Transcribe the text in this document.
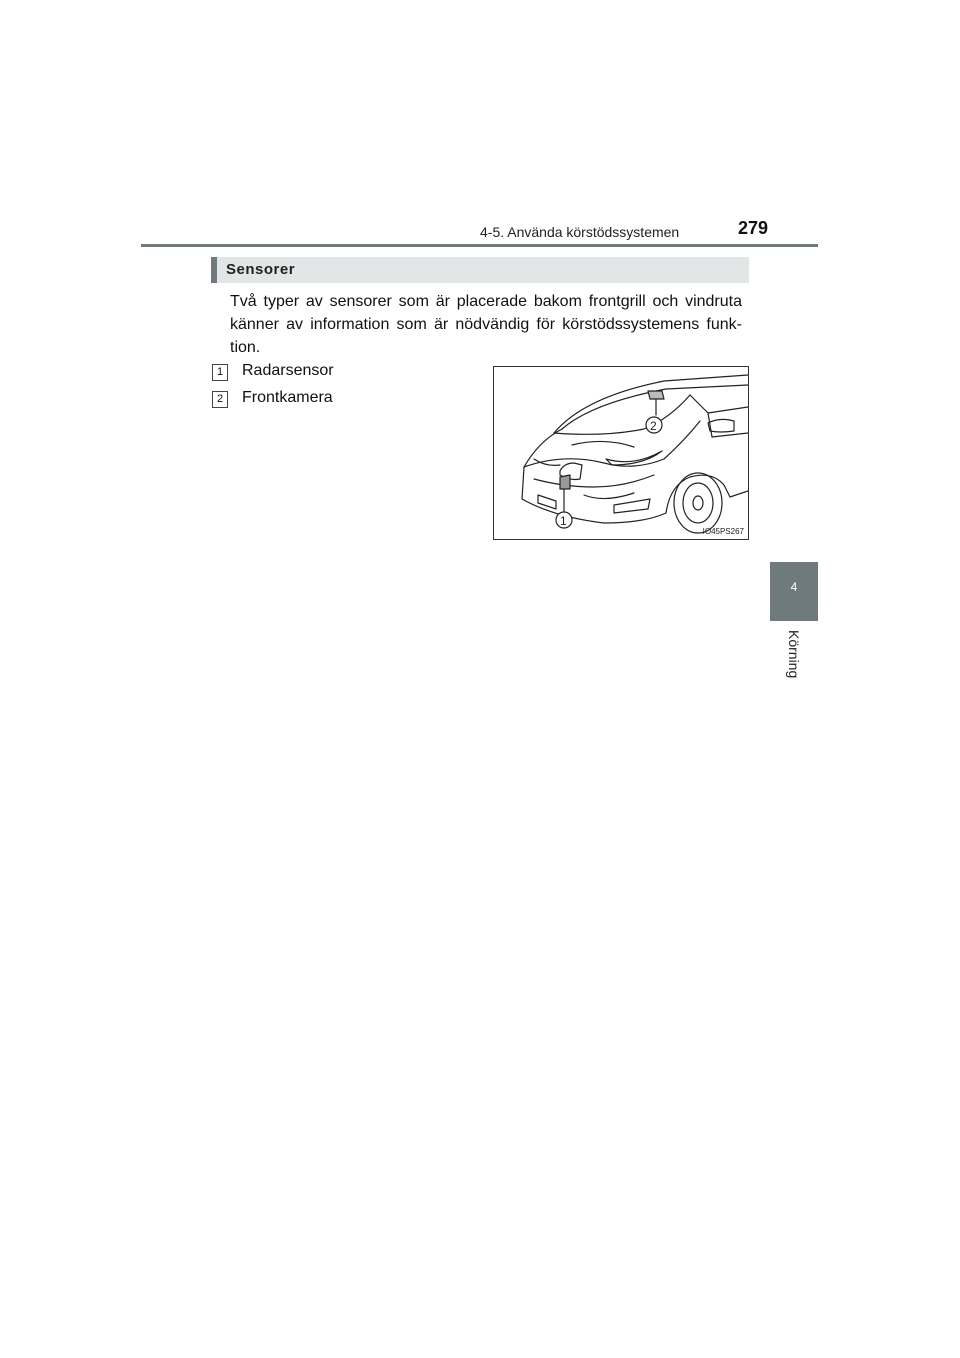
4-5. Använda körstödssystemen	279
4
Körning
Sensorer
Två typer av sensorer som är placerade bakom frontgrill och vindruta känner av information som är nödvändig för körstödssystemens funk-tion.
1	Radarsensor
2	Frontkamera
2
1
IO45PS267
